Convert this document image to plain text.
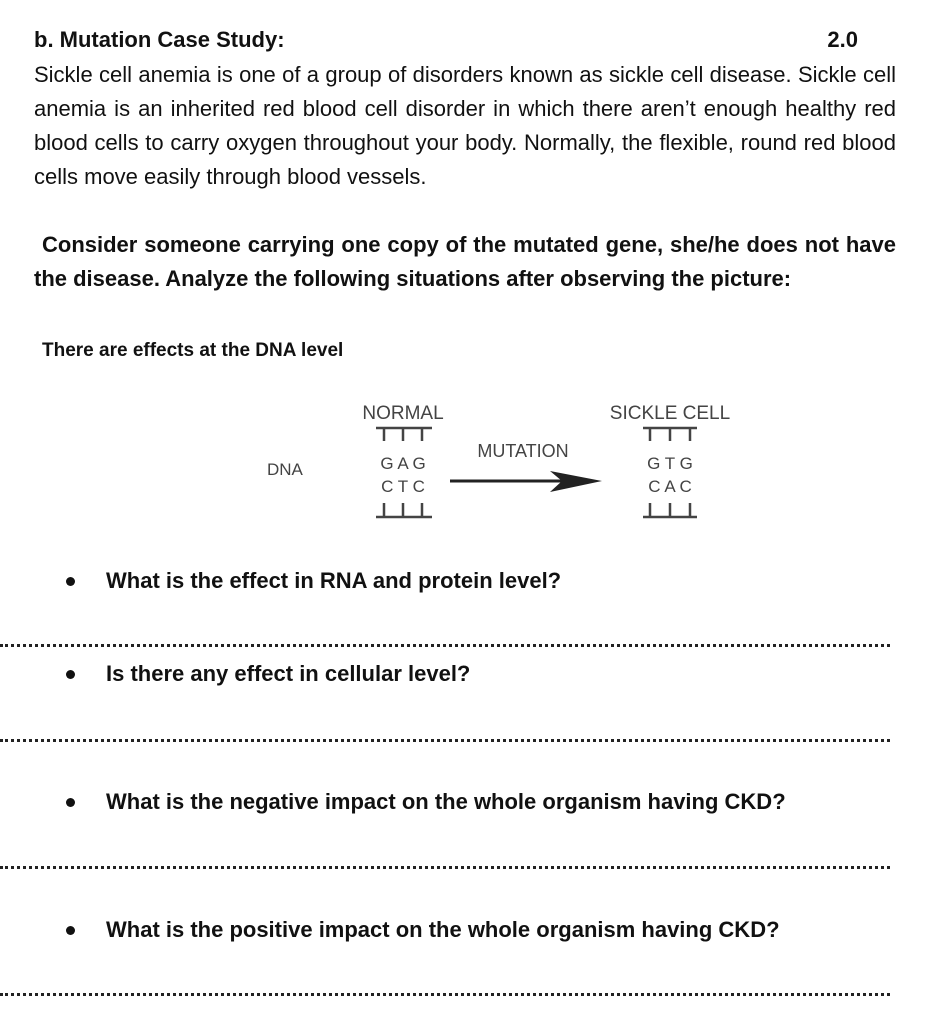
b. Mutation Case Study:	2.0

Sickle cell anemia is one of a group of disorders known as sickle cell disease. Sickle cell anemia is an inherited red blood cell disorder in which there aren’t enough healthy red blood cells to carry oxygen throughout your body. Normally, the flexible, round red blood cells move easily through blood vessels.

Consider someone carrying one copy of the mutated gene, she/he does not have the disease. Analyze the following situations after observing the picture:

There are effects at the DNA level
NORMAL	SICKLE CELL
DNA	G A G
C T C
MUTATION
G T G
C A C
What is the effect in RNA and protein level?
Is there any effect in cellular level?
What is the negative impact on the whole organism having CKD?
What is the positive impact on the whole organism having CKD?
